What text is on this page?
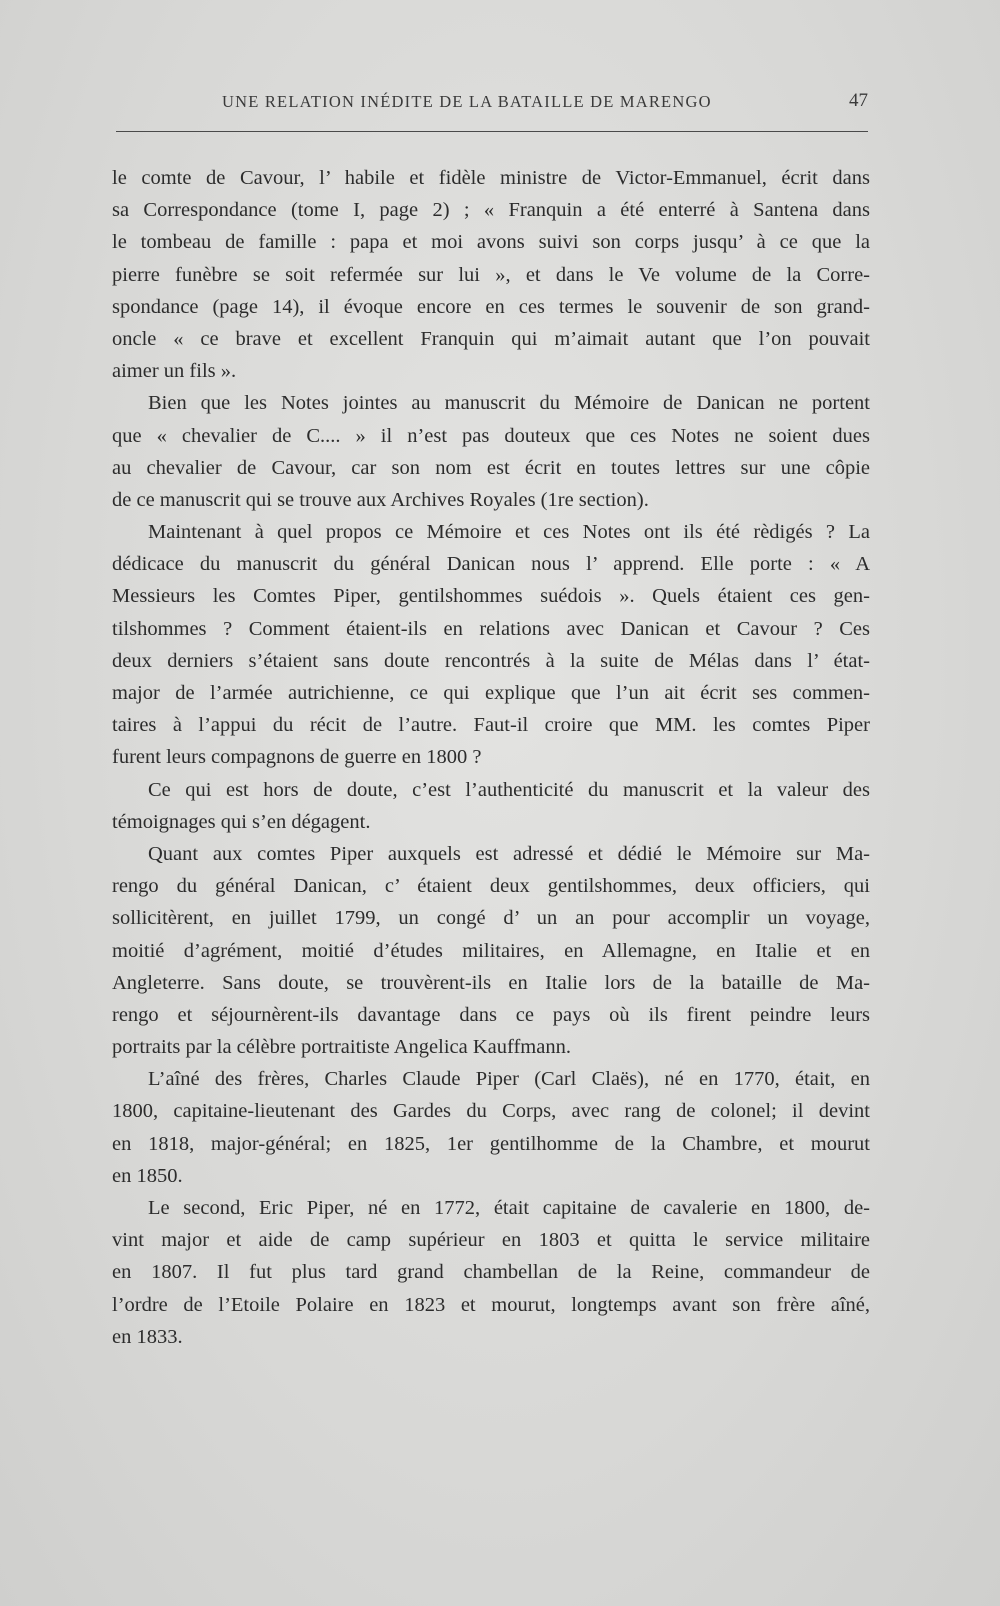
UNE RELATION INÉDITE DE LA BATAILLE DE MARENGO	47
le comte de Cavour, l’ habile et fidèle ministre de Victor-Emmanuel, écrit dans
sa Correspondance (tome I, page 2) ; « Franquin a été enterré à Santena dans
le tombeau de famille : papa et moi avons suivi son corps jusqu’ à ce que la
pierre funèbre se soit refermée sur lui », et dans le Ve volume de la Corre-
spondance (page 14), il évoque encore en ces termes le souvenir de son grand-
oncle « ce brave et excellent Franquin qui m’aimait autant que l’on pouvait
aimer un fils ».
Bien que les Notes jointes au manuscrit du Mémoire de Danican ne portent
que « chevalier de C.... » il n’est pas douteux que ces Notes ne soient dues
au chevalier de Cavour, car son nom est écrit en toutes lettres sur une côpie
de ce manuscrit qui se trouve aux Archives Royales (1re section).
Maintenant à quel propos ce Mémoire et ces Notes ont ils été rèdigés ? La
dédicace du manuscrit du général Danican nous l’ apprend. Elle porte : « A
Messieurs les Comtes Piper, gentilshommes suédois ». Quels étaient ces gen-
tilshommes ? Comment étaient-ils en relations avec Danican et Cavour ? Ces
deux derniers s’étaient sans doute rencontrés à la suite de Mélas dans l’ état-
major de l’armée autrichienne, ce qui explique que l’un ait écrit ses commen-
taires à l’appui du récit de l’autre. Faut-il croire que MM. les comtes Piper
furent leurs compagnons de guerre en 1800 ?
Ce qui est hors de doute, c’est l’authenticité du manuscrit et la valeur des
témoignages qui s’en dégagent.
Quant aux comtes Piper auxquels est adressé et dédié le Mémoire sur Ma-
rengo du général Danican, c’ étaient deux gentilshommes, deux officiers, qui
sollicitèrent, en juillet 1799, un congé d’ un an pour accomplir un voyage,
moitié d’agrément, moitié d’études militaires, en Allemagne, en Italie et en
Angleterre. Sans doute, se trouvèrent-ils en Italie lors de la bataille de Ma-
rengo et séjournèrent-ils davantage dans ce pays où ils firent peindre leurs
portraits par la célèbre portraitiste Angelica Kauffmann.
L’aîné des frères, Charles Claude Piper (Carl Claës), né en 1770, était, en
1800, capitaine-lieutenant des Gardes du Corps, avec rang de colonel; il devint
en 1818, major-général; en 1825, 1er gentilhomme de la Chambre, et mourut
en 1850.
Le second, Eric Piper, né en 1772, était capitaine de cavalerie en 1800, de-
vint major et aide de camp supérieur en 1803 et quitta le service militaire
en 1807. Il fut plus tard grand chambellan de la Reine, commandeur de
l’ordre de l’Etoile Polaire en 1823 et mourut, longtemps avant son frère aîné,
en 1833.
